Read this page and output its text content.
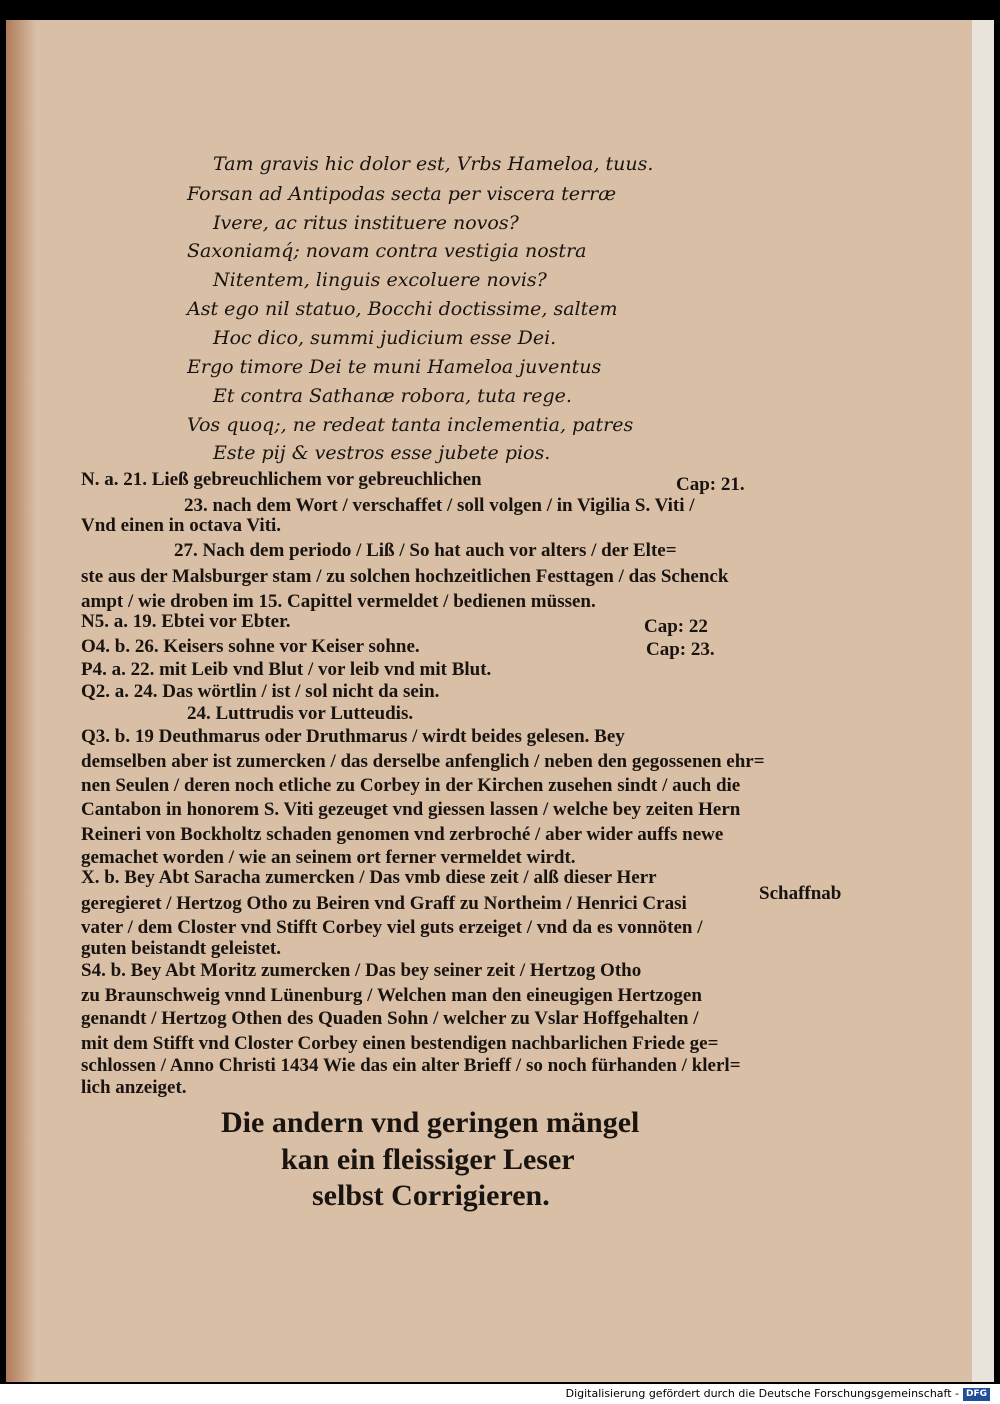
Tam gravis hic dolor est, Vrbs Hameloa, tuus.
Forsan ad Antipodas secta per viscera terræ
Ivere, ac ritus instituere novos?
Saxoniamq́; novam contra vestigia nostra
Nitentem, linguis excoluere novis?
Ast ego nil statuo, Bocchi doctissime, saltem
Hoc dico, summi judicium esse Dei.
Ergo timore Dei te muni Hameloa juventus
Et contra Sathanæ robora, tuta rege.
Vos quoq;, ne redeat tanta inclementia, patres
Este pij & vestros esse jubete pios.
N. a. 21. Ließ gebreuchlichem vor gebreuchlichen
23. nach dem Wort / verschaffet / soll volgen / in Vigilia S. Viti /
Vnd einen in octava Viti.
27. Nach dem periodo / Liß / So hat auch vor alters / der Elte=
ste aus der Malsburger stam / zu solchen hochzeitlichen Festtagen / das Schenck
ampt / wie droben im 15. Capittel vermeldet / bedienen müssen.
N5. a. 19. Ebtei vor Ebter.
O4. b. 26. Keisers sohne vor Keiser sohne.
P4. a. 22. mit Leib vnd Blut / vor leib vnd mit Blut.
Q2. a. 24. Das wörtlin / ist / sol nicht da sein.
24. Luttrudis vor Lutteudis.
Q3. b. 19 Deuthmarus oder Druthmarus / wirdt beides gelesen. Bey
demselben aber ist zumercken / das derselbe anfenglich / neben den gegossenen ehr=
nen Seulen / deren noch etliche zu Corbey in der Kirchen zusehen sindt / auch die
Cantabon in honorem S. Viti gezeuget vnd giessen lassen / welche bey zeiten Hern
Reineri von Bockholtz schaden genomen vnd zerbroché / aber wider auffs newe
gemachet worden / wie an seinem ort ferner vermeldet wirdt.
X. b. Bey Abt Saracha zumercken / Das vmb diese zeit / alß dieser Herr
geregieret / Hertzog Otho zu Beiren vnd Graff zu Northeim / Henrici Crasi
vater / dem Closter vnd Stifft Corbey viel guts erzeiget / vnd da es vonnöten /
guten beistandt geleistet.
S4. b. Bey Abt Moritz zumercken / Das bey seiner zeit / Hertzog Otho
zu Braunschweig vnnd Lünenburg / Welchen man den eineugigen Hertzogen
genandt / Hertzog Othen des Quaden Sohn / welcher zu Vslar Hoffgehalten /
mit dem Stifft vnd Closter Corbey einen bestendigen nachbarlichen Friede ge=
schlossen / Anno Christi 1434 Wie das ein alter Brieff / so noch fürhanden / klerl=
lich anzeiget.
Cap: 21.
Cap: 22
Cap: 23.
Schaffnab
Die andern vnd geringen mängel
kan ein fleissiger Leser
selbst Corrigieren.
Digitalisierung gefördert durch die Deutsche Forschungsgemeinschaft - DFG
